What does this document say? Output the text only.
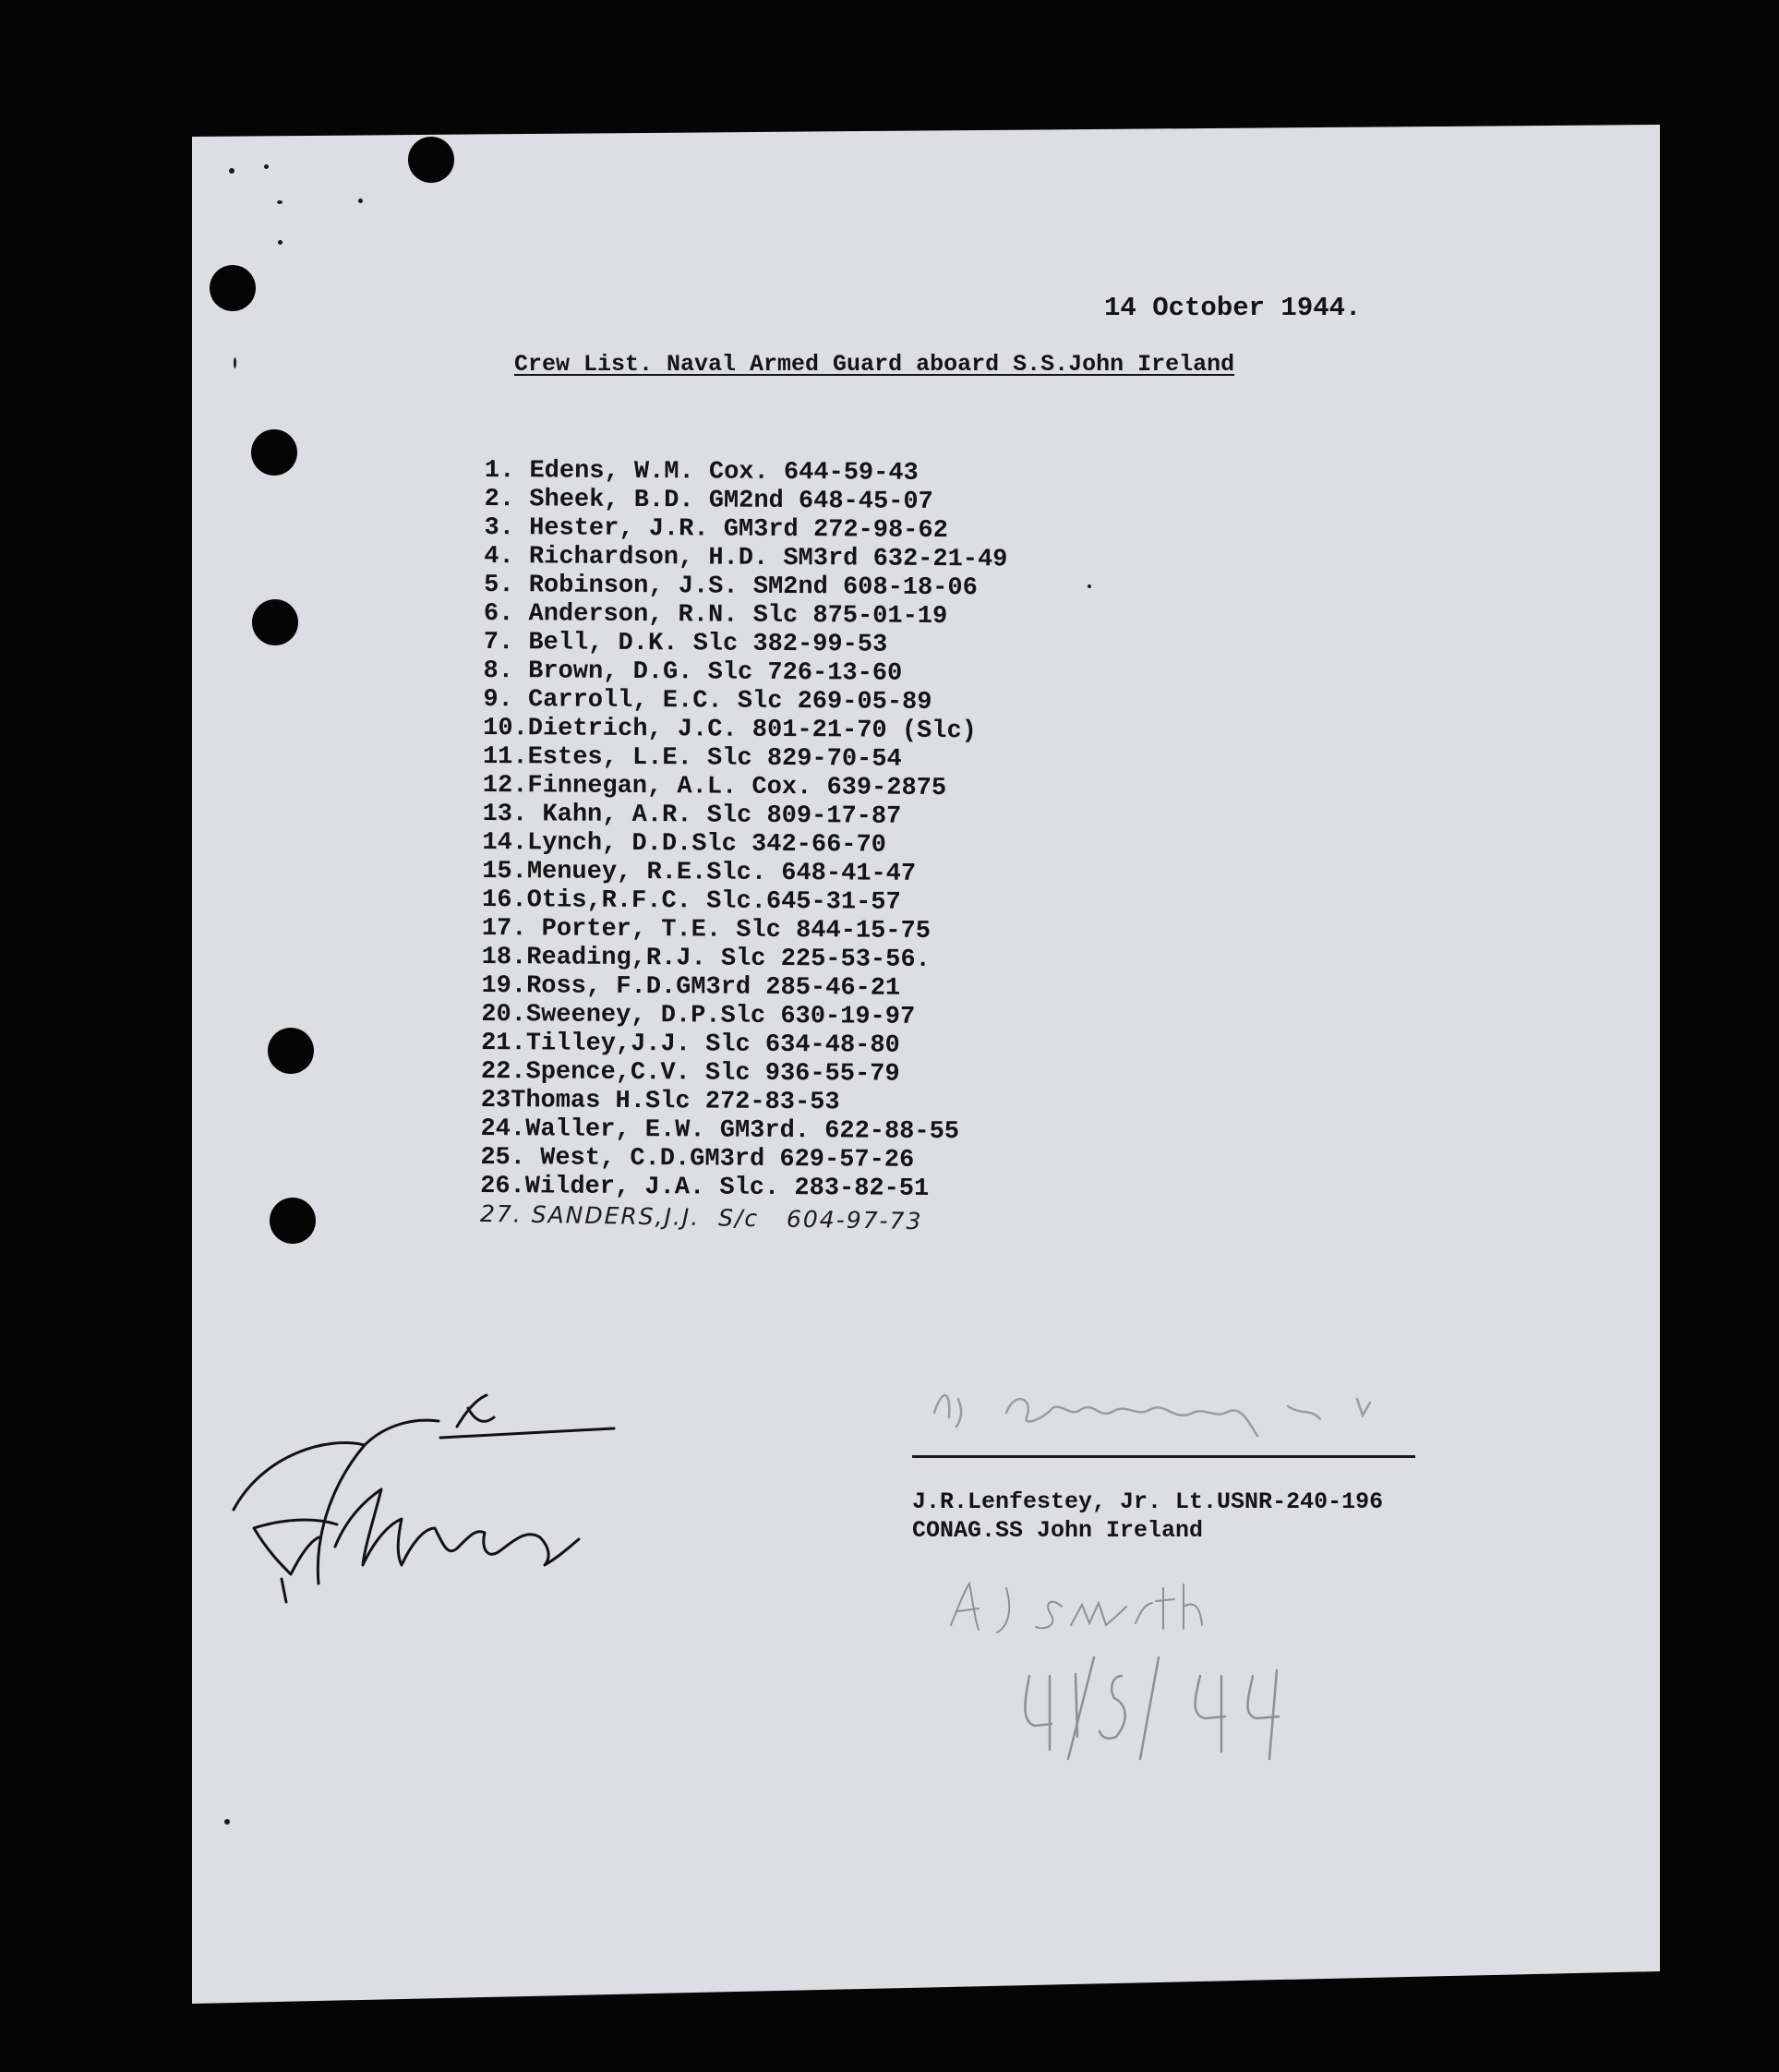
14 October 1944.
Crew List. Naval Armed Guard aboard S.S.John Ireland
1. Edens, W.M. Cox. 644-59-43
2. Sheek, B.D. GM2nd 648-45-07
3. Hester, J.R. GM3rd 272-98-62
4. Richardson, H.D. SM3rd 632-21-49
5. Robinson, J.S. SM2nd 608-18-06
6. Anderson, R.N. Slc 875-01-19
7. Bell, D.K. Slc 382-99-53
8. Brown, D.G. Slc 726-13-60
9. Carroll, E.C. Slc 269-05-89
10.Dietrich, J.C. 801-21-70 (Slc)
11.Estes, L.E. Slc 829-70-54
12.Finnegan, A.L. Cox. 639-2875
13. Kahn, A.R. Slc 809-17-87
14.Lynch, D.D.Slc 342-66-70
15.Menuey, R.E.Slc. 648-41-47
16.Otis,R.F.C. Slc.645-31-57
17. Porter, T.E. Slc 844-15-75
18.Reading,R.J. Slc 225-53-56.
19.Ross, F.D.GM3rd 285-46-21
20.Sweeney, D.P.Slc 630-19-97
21.Tilley,J.J. Slc 634-48-80
22.Spence,C.V. Slc 936-55-79
23Thomas H.Slc 272-83-53
24.Waller, E.W. GM3rd. 622-88-55
25. West, C.D.GM3rd 629-57-26
26.Wilder, J.A. Slc. 283-82-51
27. SANDERS,J.J.  S/c   604-97-73
J.R.Lenfestey, Jr. Lt.USNR-240-196
CONAG.SS John Ireland
